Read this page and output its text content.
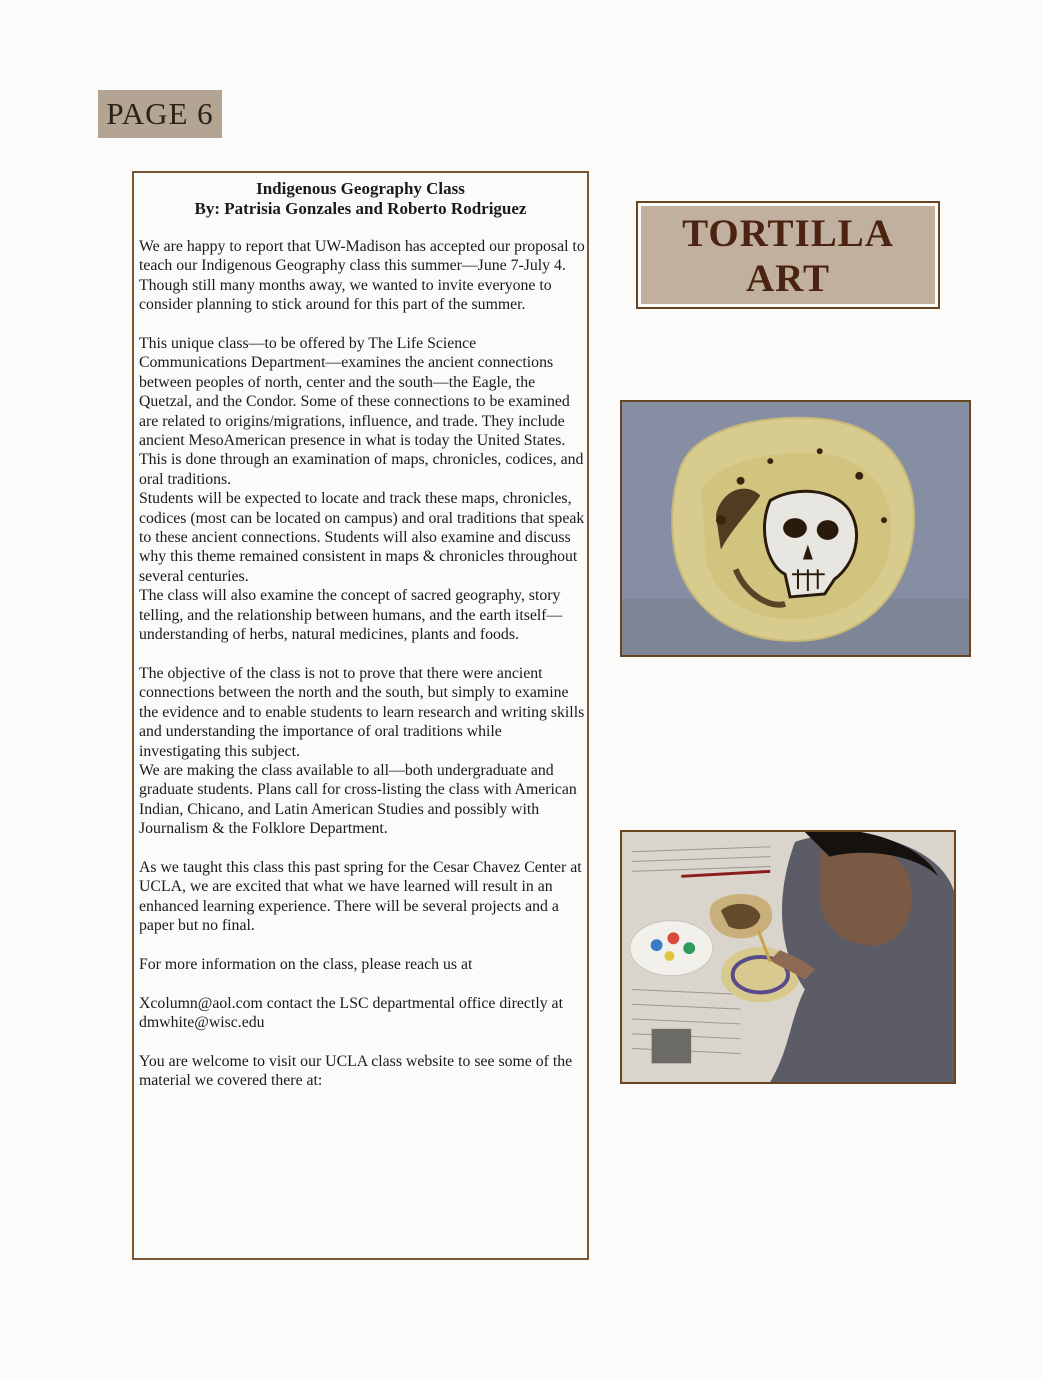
PAGE 6
Indigenous Geography Class
By: Patrisia Gonzales and Roberto Rodriguez

We are happy to report that UW-Madison has accepted our proposal to teach our Indigenous Geography class this summer—June 7-July 4. Though still many months away, we wanted to invite everyone to consider planning to stick around for this part of the summer.

This unique class—to be offered by The Life Science Communications Department—examines the ancient connections between peoples of north, center and the south—the Eagle, the Quetzal, and the Condor. Some of these connections to be examined are related to origins/migrations, influence, and trade. They include ancient MesoAmerican presence in what is today the United States. This is done through an examination of maps, chronicles, codices, and oral traditions.

Students will be expected to locate and track these maps, chronicles, codices (most can be located on campus) and oral traditions that speak to these ancient connections. Students will also examine and discuss why this theme remained consistent in maps & chronicles throughout several centuries.

The class will also examine the concept of sacred geography, story telling, and the relationship between humans, and the earth itself—understanding of herbs, natural medicines, plants and foods.

The objective of the class is not to prove that there were ancient connections between the north and the south, but simply to examine the evidence and to enable students to learn research and writing skills and understanding the importance of oral traditions while investigating this subject.

We are making the class available to all—both undergraduate and graduate students. Plans call for cross-listing the class with American Indian, Chicano, and Latin American Studies and possibly with Journalism & the Folklore Department.

As we taught this class this past spring for the Cesar Chavez Center at UCLA, we are excited that what we have learned will result in an enhanced learning experience. There will be several projects and a paper but no final.

For more information on the class, please reach us at

Xcolumn@aol.com contact the LSC departmental office directly at dmwhite@wisc.edu

You are welcome to visit our UCLA class website to see some of the material we covered there at:

TORTILLA
ART
